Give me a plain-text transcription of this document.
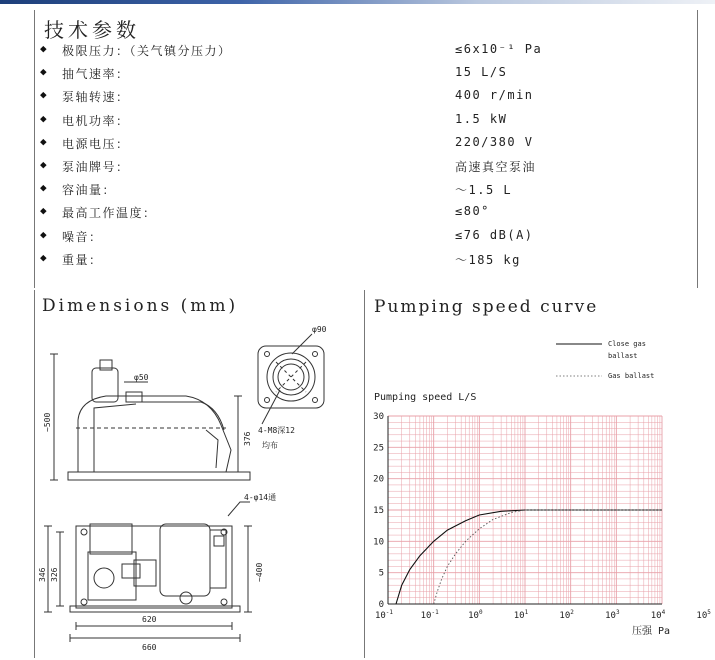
技术参数
◆ 极限压力：（关气镇分压力）	≤6x10⁻¹ Pa
◆ 抽气速率：	15 L/S
◆ 泵轴转速：	400 r/min
◆ 电机功率：	1.5 kW
◆ 电源电压：	220/380 V
◆ 泵油牌号：	高速真空泵油
◆ 容油量：	～1.5 L
◆ 最高工作温度：	≤80°
◆ 噪音：	≤76 dB(A)
◆ 重量：	～185 kg
Dimensions (mm)	Pumping speed curve
φ50
~500
376
φ90
4-M8深12
均布
4-φ14通
346 326	~400
620
660
Close gas
ballast
Gas ballast
Pumping speed L/S
0
5
10
15
20
25
30
$10^{-1}$	$10^{-1}$	$10^0$	$10^1$	$10^2$	$10^3$	$10^4$	$10^5$
压强 Pa
